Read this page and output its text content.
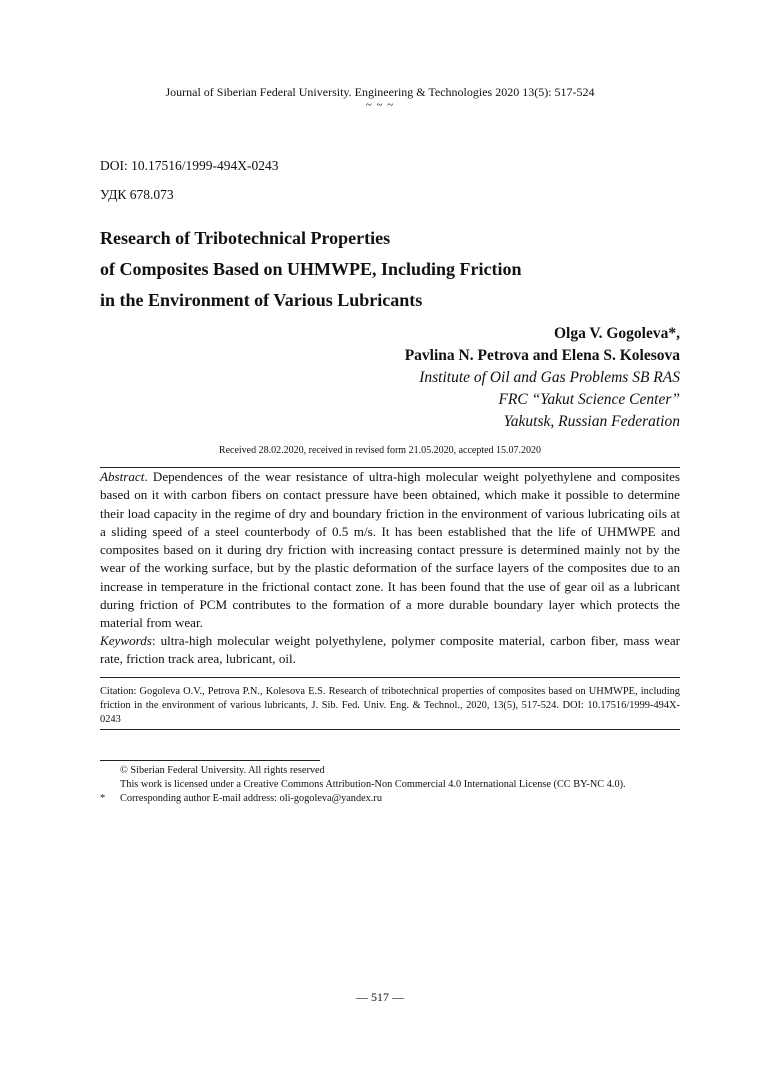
Journal of Siberian Federal University. Engineering & Technologies 2020 13(5): 517-524
~ ~ ~
DOI: 10.17516/1999-494X-0243
УДК 678.073
Research of Tribotechnical Properties
of Composites Based on UHMWPE, Including Friction
in the Environment of Various Lubricants
Olga V. Gogoleva*,
Pavlina N. Petrova and Elena S. Kolesova
Institute of Oil and Gas Problems SB RAS
FRC “Yakut Science Center”
Yakutsk, Russian Federation
Received 28.02.2020, received in revised form 21.05.2020, accepted 15.07.2020
Abstract. Dependences of the wear resistance of ultra-high molecular weight polyethylene and composites based on it with carbon fibers on contact pressure have been obtained, which make it possible to determine their load capacity in the regime of dry and boundary friction in the environment of various lubricating oils at a sliding speed of a steel counterbody of 0.5 m/s. It has been established that the life of UHMWPE and composites based on it during dry friction with increasing contact pressure is determined mainly not by the wear of the working surface, but by the plastic deformation of the surface layers of the composites due to an increase in temperature in the frictional contact zone. It has been found that the use of gear oil as a lubricant during friction of PCM contributes to the formation of a more durable boundary layer which protects the material from wear.
Keywords: ultra-high molecular weight polyethylene, polymer composite material, carbon fiber, mass wear rate, friction track area, lubricant, oil.
Citation: Gogoleva O.V., Petrova P.N., Kolesova E.S. Research of tribotechnical properties of composites based on UHMWPE, including friction in the environment of various lubricants, J. Sib. Fed. Univ. Eng. & Technol., 2020, 13(5), 517-524. DOI: 10.17516/1999-494X-0243
© Siberian Federal University. All rights reserved
This work is licensed under a Creative Commons Attribution-Non Commercial 4.0 International License (CC BY-NC 4.0).
*	Corresponding author E-mail address: oli-gogoleva@yandex.ru
— 517 —
